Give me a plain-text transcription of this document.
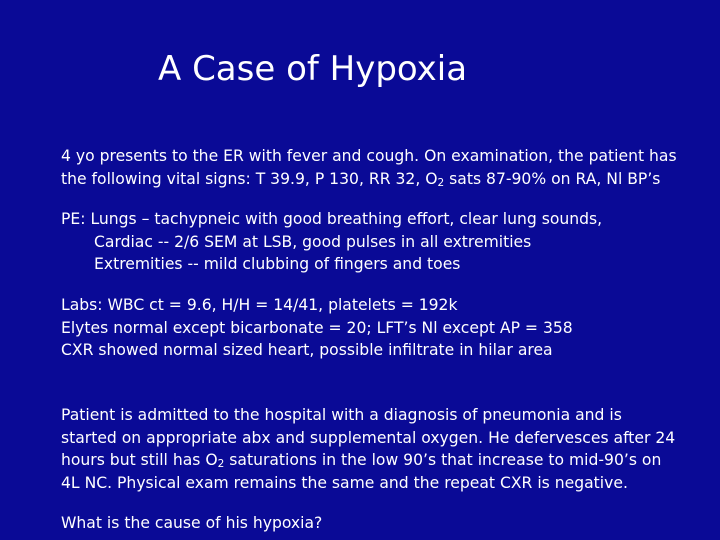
A Case of Hypoxia
4 yo presents to the ER with fever and cough. On examination, the patient has
the following vital signs: T 39.9, P 130, RR 32, O2 sats 87-90% on RA, Nl BP’s
PE: Lungs – tachypneic with good breathing effort, clear lung sounds,
Cardiac -- 2/6 SEM at LSB, good pulses in all extremities
Extremities -- mild clubbing of fingers and toes
Labs: WBC ct = 9.6, H/H = 14/41, platelets = 192k
Elytes normal except bicarbonate = 20; LFT’s Nl except AP = 358
CXR showed normal sized heart, possible infiltrate in hilar area
Patient is admitted to the hospital with a diagnosis of pneumonia and is
started on appropriate abx and supplemental oxygen. He defervesces after 24
hours but still has O2 saturations in the low 90’s that increase to mid-90’s on
4L NC. Physical exam remains the same and the repeat CXR is negative.
What is the cause of his hypoxia?
